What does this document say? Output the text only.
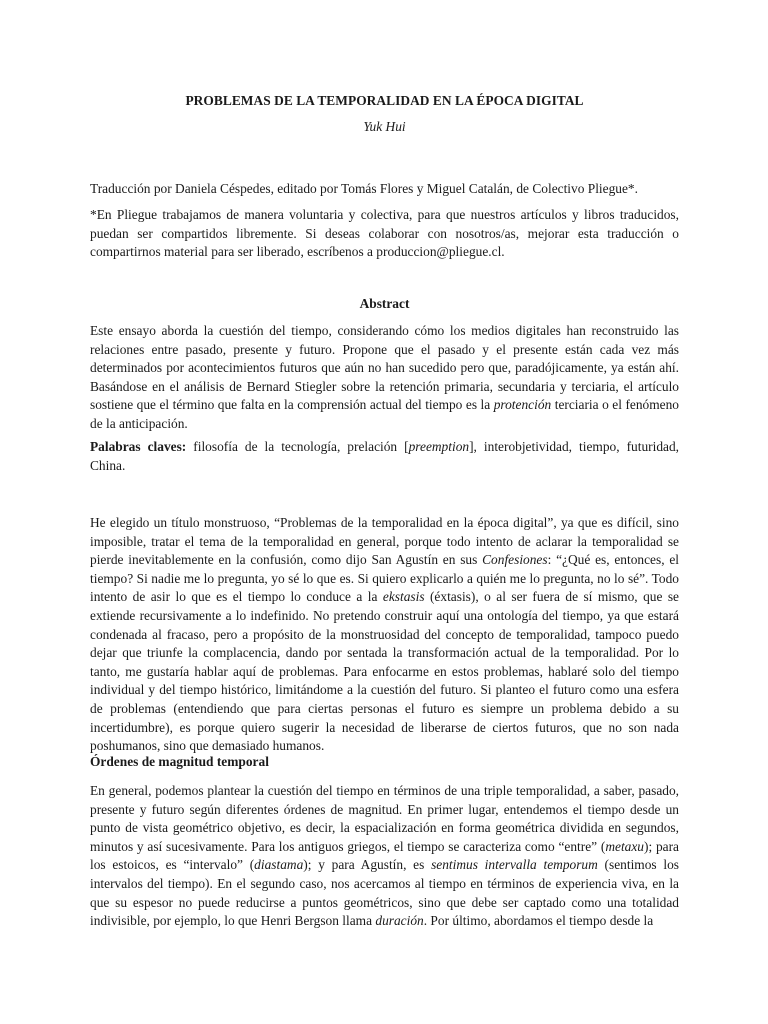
PROBLEMAS DE LA TEMPORALIDAD EN LA ÉPOCA DIGITAL

Yuk Hui

Traducción por Daniela Céspedes, editado por Tomás Flores y Miguel Catalán, de Colectivo Pliegue*.

*En Pliegue trabajamos de manera voluntaria y colectiva, para que nuestros artículos y libros traducidos, puedan ser compartidos libremente. Si deseas colaborar con nosotros/as, mejorar esta traducción o compartirnos material para ser liberado, escríbenos a produccion@pliegue.cl.

Abstract

Este ensayo aborda la cuestión del tiempo, considerando cómo los medios digitales han reconstruido las relaciones entre pasado, presente y futuro. Propone que el pasado y el presente están cada vez más determinados por acontecimientos futuros que aún no han sucedido pero que, paradójicamente, ya están ahí. Basándose en el análisis de Bernard Stiegler sobre la retención primaria, secundaria y terciaria, el artículo sostiene que el término que falta en la comprensión actual del tiempo es la protención terciaria o el fenómeno de la anticipación.

Palabras claves: filosofía de la tecnología, prelación [preemption], interobjetividad, tiempo, futuridad, China.

He elegido un título monstruoso, “Problemas de la temporalidad en la época digital”, ya que es difícil, sino imposible, tratar el tema de la temporalidad en general, porque todo intento de aclarar la temporalidad se pierde inevitablemente en la confusión, como dijo San Agustín en sus Confesiones: “¿Qué es, entonces, el tiempo? Si nadie me lo pregunta, yo sé lo que es. Si quiero explicarlo a quién me lo pregunta, no lo sé”. Todo intento de asir lo que es el tiempo lo conduce a la ekstasis (éxtasis), o al ser fuera de sí mismo, que se extiende recursivamente a lo indefinido. No pretendo construir aquí una ontología del tiempo, ya que estará condenada al fracaso, pero a propósito de la monstruosidad del concepto de temporalidad, tampoco puedo dejar que triunfe la complacencia, dando por sentada la transformación actual de la temporalidad. Por lo tanto, me gustaría hablar aquí de problemas. Para enfocarme en estos problemas, hablaré solo del tiempo individual y del tiempo histórico, limitándome a la cuestión del futuro. Si planteo el futuro como una esfera de problemas (entendiendo que para ciertas personas el futuro es siempre un problema debido a su incertidumbre), es porque quiero sugerir la necesidad de liberarse de ciertos futuros, que no son nada poshumanos, sino que demasiado humanos.

Órdenes de magnitud temporal

En general, podemos plantear la cuestión del tiempo en términos de una triple temporalidad, a saber, pasado, presente y futuro según diferentes órdenes de magnitud. En primer lugar, entendemos el tiempo desde un punto de vista geométrico objetivo, es decir, la espacialización en forma geométrica dividida en segundos, minutos y así sucesivamente. Para los antiguos griegos, el tiempo se caracteriza como “entre” (metaxu); para los estoicos, es “intervalo” (diastama); y para Agustín, es sentimus intervalla temporum (sentimos los intervalos del tiempo). En el segundo caso, nos acercamos al tiempo en términos de experiencia viva, en la que su espesor no puede reducirse a puntos geométricos, sino que debe ser captado como una totalidad indivisible, por ejemplo, lo que Henri Bergson llama duración. Por último, abordamos el tiempo desde la
